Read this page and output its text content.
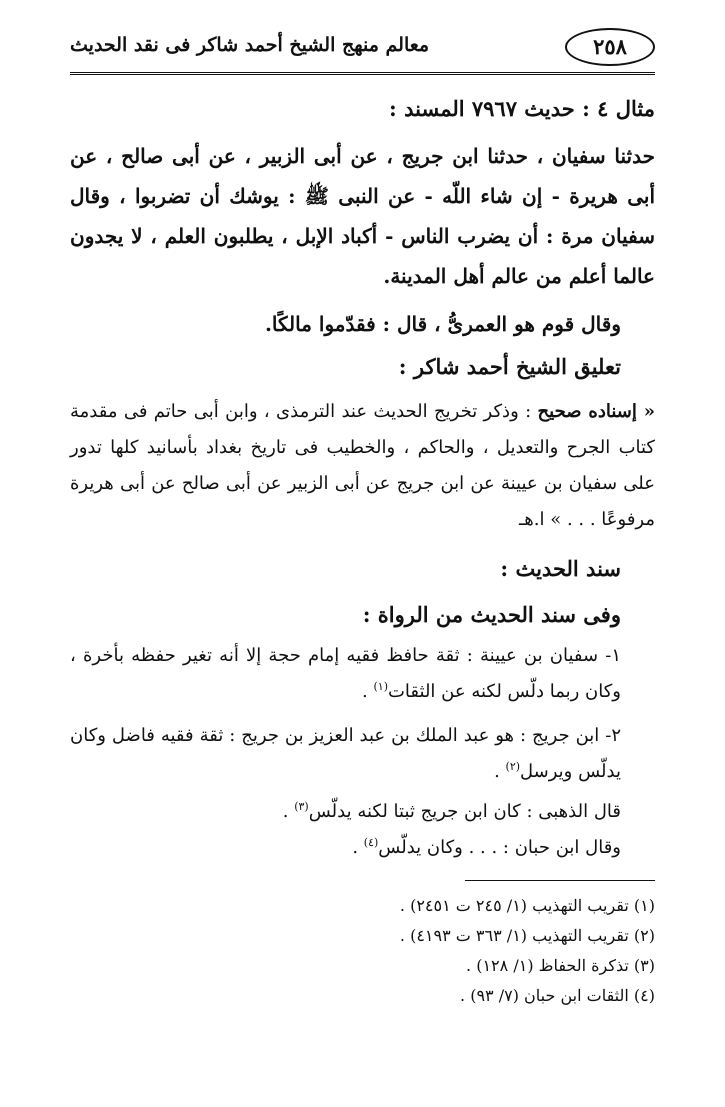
٢٥٨
معالم منهج الشيخ أحمد شاكر فى نقد الحديث

مثال ٤ : حديث ٧٩٦٧ المسند :

حدثنا سفيان ، حدثنا ابن جريج ، عن أبى الزبير ، عن أبى صالح ، عن أبى هريرة - إن شاء اللّه - عن النبى ﷺ : يوشك أن تضربوا ، وقال سفيان مرة : أن يضرب الناس - أكباد الإبل ، يطلبون العلم ، لا يجدون عالما أعلم من عالم أهل المدينة.

وقال قوم هو العمرىُّ ، قال : فقدّموا مالكًا.

تعليق الشيخ أحمد شاكر :

« إسناده صحيح : وذكر تخريج الحديث عند الترمذى ، وابن أبى حاتم فى مقدمة كتاب الجرح والتعديل ، والحاكم ، والخطيب فى تاريخ بغداد بأسانيد كلها تدور على سفيان بن عيينة عن ابن جريج عن أبى الزبير عن أبى صالح عن أبى هريرة مرفوعًا . . . » ا.هـ

سند الحديث :

وفى سند الحديث من الرواة :

١- سفيان بن عيينة : ثقة حافظ فقيه إمام حجة إلا أنه تغير حفظه بأخرة ، وكان ربما دلّس لكنه عن الثقات$^{(١)}$ .

٢- ابن جريج : هو عبد الملك بن عبد العزيز بن جريج : ثقة فقيه فاضل وكان يدلّس ويرسل$^{(٢)}$ .

قال الذهبى : كان ابن جريج ثبتا لكنه يدلّس$^{(٣)}$ .

وقال ابن حبان : . . . وكان يدلّس$^{(٤)}$ .

(١) تقريب التهذيب (١/ ٢٤٥ ت ٢٤٥١) .

(٢) تقريب التهذيب (١/ ٣٦٣ ت ٤١٩٣) .

(٣) تذكرة الحفاظ (١/ ١٢٨) .

(٤) الثقات ابن حبان (٧/ ٩٣) .
